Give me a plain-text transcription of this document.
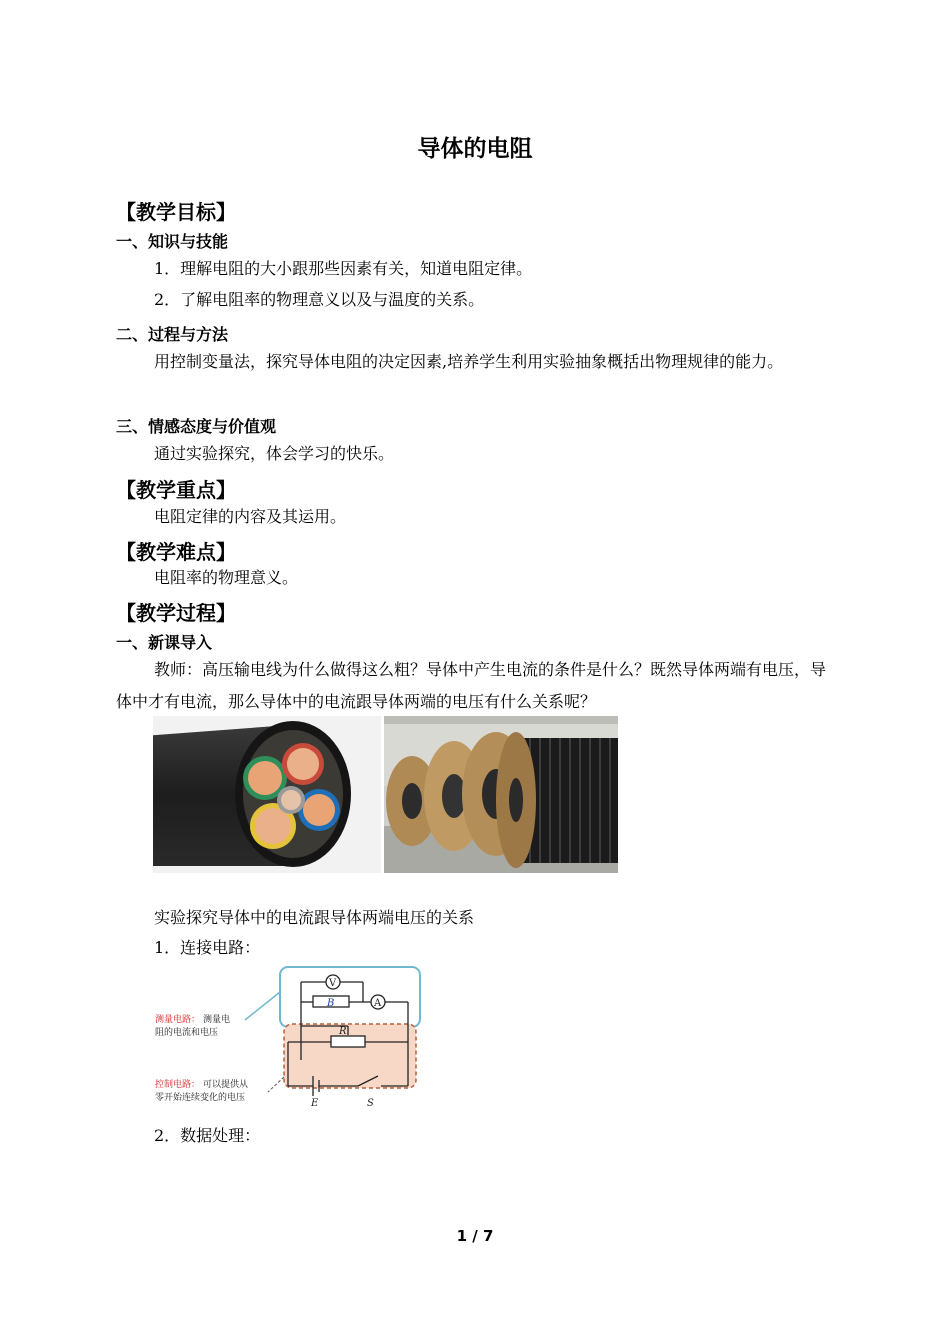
导体的电阻
【教学目标】
一、知识与技能
1．理解电阻的大小跟那些因素有关，知道电阻定律。
2．了解电阻率的物理意义以及与温度的关系。
二、过程与方法
用控制变量法，探究导体电阻的决定因素,培养学生利用实验抽象概括出物理规律的能力。
三、情感态度与价值观
通过实验探究，体会学习的快乐。
【教学重点】
电阻定律的内容及其运用。
【教学难点】
电阻率的物理意义。
【教学过程】
一、新课导入
教师：高压输电线为什么做得这么粗？导体中产生电流的条件是什么？既然导体两端有电压，导体中才有电流，那么导体中的电流跟导体两端的电压有什么关系呢？
实验探究导体中的电流跟导体两端电压的关系
1．连接电路：
V
A
B
R
E	S
测量电路： 测量电
阻的电流和电压
控制电路： 可以提供从
零开始连续变化的电压
2．数据处理：
1 / 7
